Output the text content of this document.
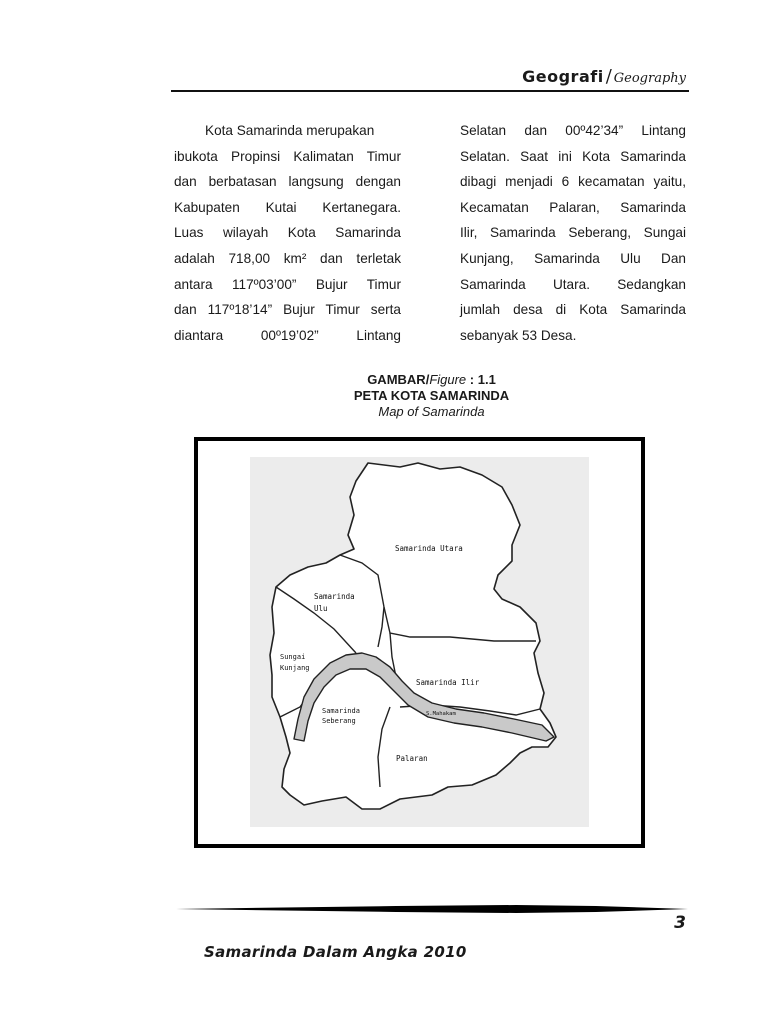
Geografi / Geography

Kota Samarinda merupakan

ibukota Propinsi Kalimatan Timur

dan berbatasan langsung dengan

Kabupaten Kutai Kertanegara.

Luas wilayah Kota Samarinda

adalah 718,00 km² dan terletak

antara 117º03’00” Bujur Timur

dan 117º18’14” Bujur Timur serta

diantara 00º19’02” Lintang

Selatan dan 00º42’34” Lintang

Selatan. Saat ini Kota Samarinda

dibagi menjadi 6 kecamatan yaitu,

Kecamatan Palaran, Samarinda

Ilir, Samarinda Seberang, Sungai

Kunjang, Samarinda Ulu Dan

Samarinda Utara. Sedangkan

jumlah desa di Kota Samarinda

sebanyak 53 Desa.

GAMBAR/Figure : 1.1
PETA KOTA SAMARINDA
Map of Samarinda
Samarinda Utara
Samarinda
Ulu
Sungai
Kunjang
Samarinda Ilir
Samarinda
Seberang
Palaran
S.Mahakam
3
Samarinda Dalam Angka 2010
